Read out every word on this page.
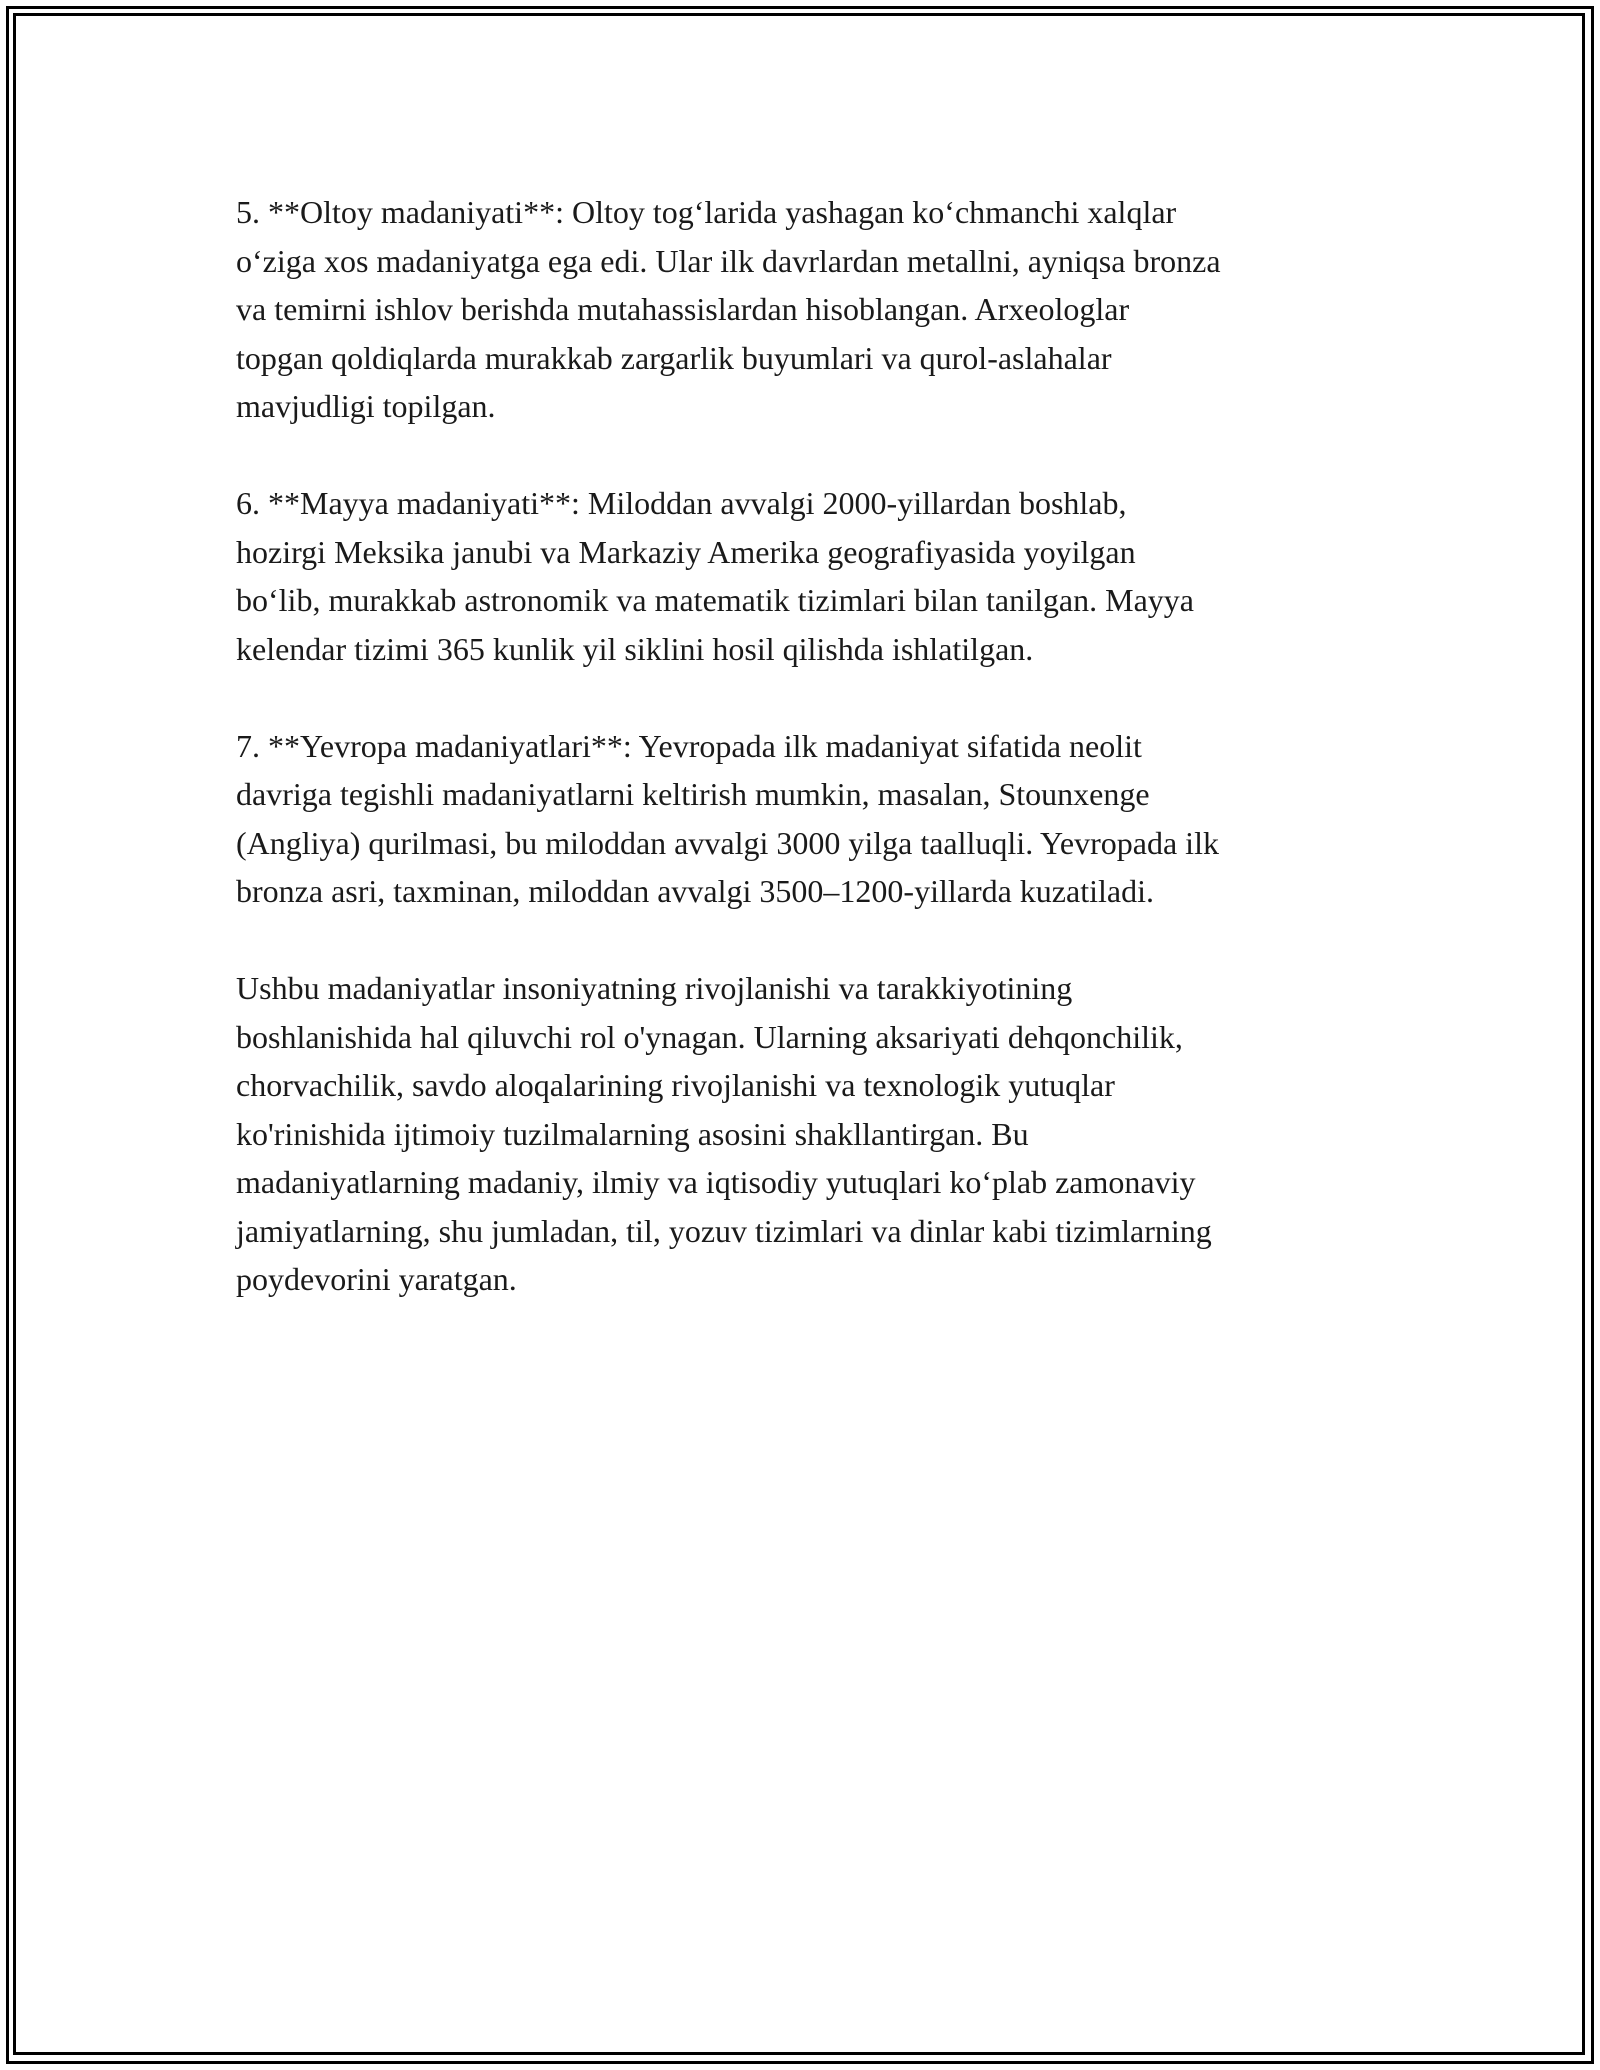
5. **Oltoy madaniyati**: Oltoy tog‘larida yashagan ko‘chmanchi xalqlar
o‘ziga xos madaniyatga ega edi. Ular ilk davrlardan metallni, ayniqsa bronza
va temirni ishlov berishda mutahassislardan hisoblangan. Arxeologlar
topgan qoldiqlarda murakkab zargarlik buyumlari va qurol-aslahalar
mavjudligi topilgan.
6. **Mayya madaniyati**: Miloddan avvalgi 2000-yillardan boshlab,
hozirgi Meksika janubi va Markaziy Amerika geografiyasida yoyilgan
bo‘lib, murakkab astronomik va matematik tizimlari bilan tanilgan. Mayya
kelendar tizimi 365 kunlik yil siklini hosil qilishda ishlatilgan.
7. **Yevropa madaniyatlari**: Yevropada ilk madaniyat sifatida neolit
davriga tegishli madaniyatlarni keltirish mumkin, masalan, Stounxenge
(Angliya) qurilmasi, bu miloddan avvalgi 3000 yilga taalluqli. Yevropada ilk
bronza asri, taxminan, miloddan avvalgi 3500–1200-yillarda kuzatiladi.
Ushbu madaniyatlar insoniyatning rivojlanishi va tarakkiyotining
boshlanishida hal qiluvchi rol o'ynagan. Ularning aksariyati dehqonchilik,
chorvachilik, savdo aloqalarining rivojlanishi va texnologik yutuqlar
ko'rinishida ijtimoiy tuzilmalarning asosini shakllantirgan. Bu
madaniyatlarning madaniy, ilmiy va iqtisodiy yutuqlari ko‘plab zamonaviy
jamiyatlarning, shu jumladan, til, yozuv tizimlari va dinlar kabi tizimlarning
poydevorini yaratgan.
